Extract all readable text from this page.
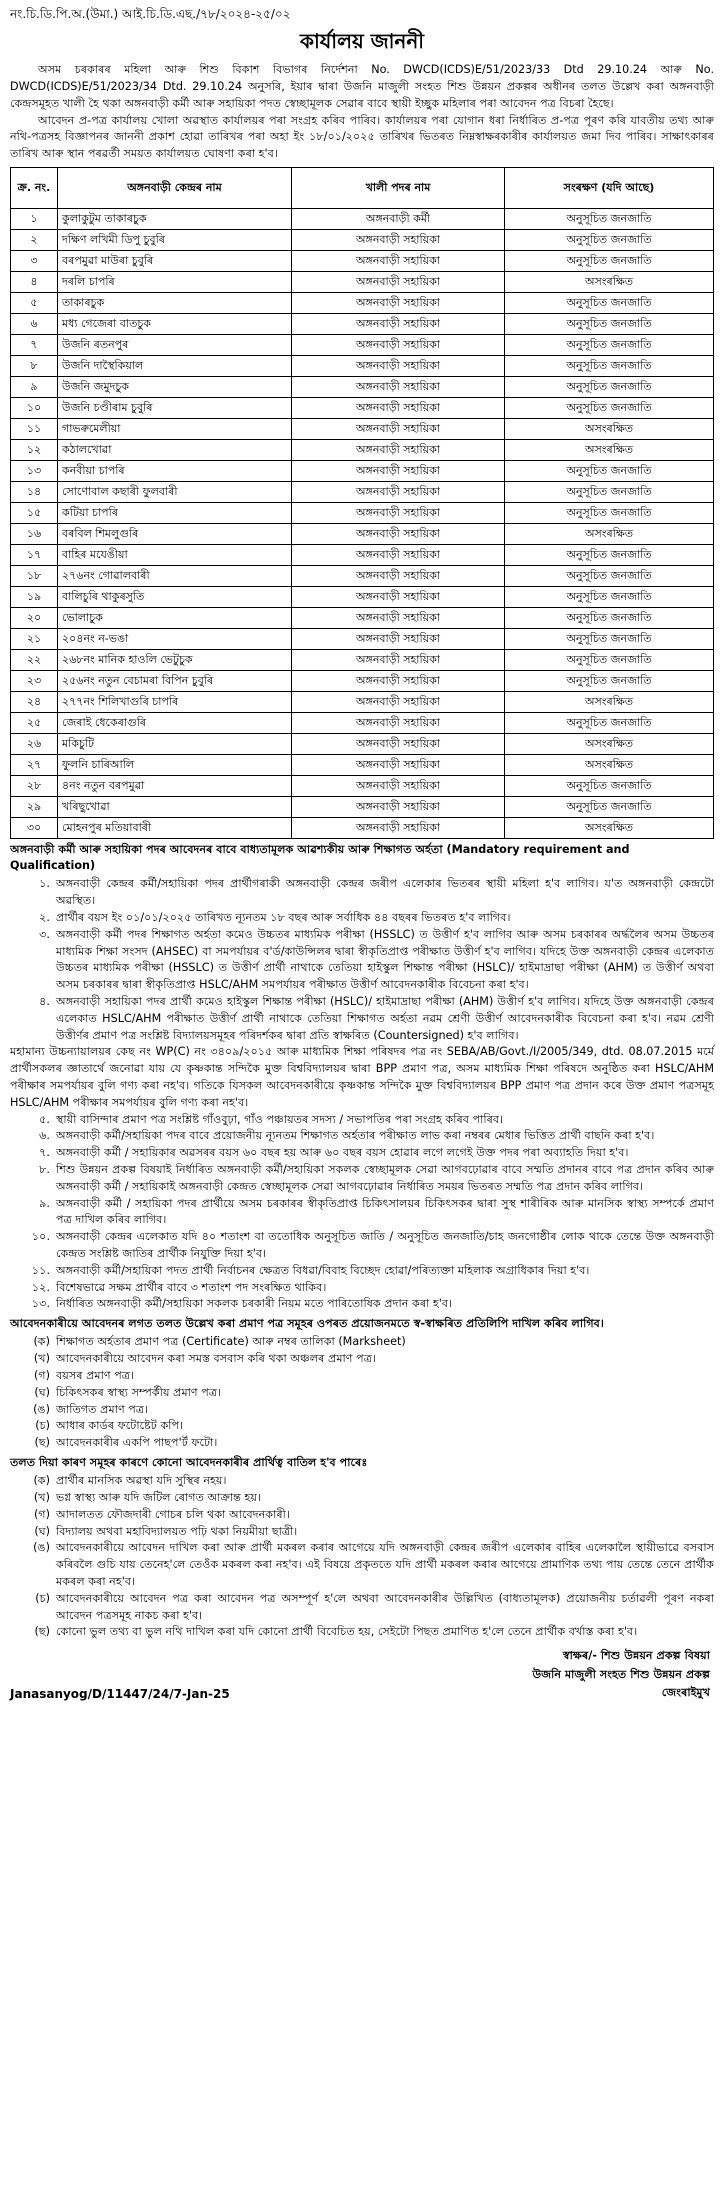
নং.চি.ডি.পি.অ.(উমা.) আই.চি.ডি.এছ./৭৮/২০২৪-২৫/০২
কাৰ্যালয় জাননী

অসম চৰকাৰৰ মহিলা আৰু শিশু বিকাশ বিভাগৰ নিৰ্দেশনা No. DWCD(ICDS)E/51/2023/33 Dtd 29.10.24 আৰু No. DWCD(ICDS)E/51/2023/34 Dtd. 29.10.24 অনুসৰি, ইয়াৰ দ্বাৰা উজনি মাজুলী সংহত শিশু উন্নয়ন প্ৰকল্পৰ অধীনৰ তলত উল্লেখ কৰা অঙ্গনবাড়ী কেন্দ্ৰসমূহত খালী হৈ থকা অঙ্গনবাড়ী কৰ্মী আৰু সহায়িকা পদত স্বেচ্ছামূলক সেৱাৰ বাবে স্থায়ী ইচ্ছুক মহিলাৰ পৰা আবেদন পত্ৰ বিচৰা হৈছে।

আবেদন প্ৰ-পত্ৰ কাৰ্যালয় খোলা অৱস্থাত কাৰ্যালয়ৰ পৰা সংগ্ৰহ কৰিব পাৰিব। কাৰ্যালয়ৰ পৰা যোগান ধৰা নিৰ্ধাৰিত প্ৰ-পত্ৰ পূৰণ কৰি যাবতীয় তথ্য আৰু নথি-পত্ৰসহ বিজ্ঞাপনৰ জাননী প্ৰকাশ হোৱা তাৰিখৰ পৰা অহা ইং ১৮/০১/২০২৫ তাৰিখৰ ভিতৰত নিম্নস্বাক্ষৰকাৰীৰ কাৰ্যালয়ত জমা দিব পাৰিব। সাক্ষাৎকাৰৰ তাৰিখ আৰু স্থান পৰৱৰ্তী সময়ত কাৰ্যালয়ত ঘোষণা কৰা হ'ব।

ক্ৰ. নং.	অঙ্গনবাড়ী কেন্দ্ৰৰ নাম	খালী পদৰ নাম	সংৰক্ষণ (যদি আছে)
১	কুলাকুটুম তাকাৰচুক	অঙ্গনবাড়ী কৰ্মী	অনুসূচিত জনজাতি
২	দক্ষিণ লখিমী ডিপু চুবুৰি	অঙ্গনবাড়ী সহায়িকা	অনুসূচিত জনজাতি
৩	বৰপমুৱা মাউৰা চুবুৰি	অঙ্গনবাড়ী সহায়িকা	অনুসূচিত জনজাতি
৪	দৰলি চাপৰি	অঙ্গনবাড়ী সহায়িকা	অসংৰক্ষিত
৫	তাকাৰচুক	অঙ্গনবাড়ী সহায়িকা	অনুসূচিত জনজাতি
৬	মধ্য গেজেৰা বাতচুক	অঙ্গনবাড়ী সহায়িকা	অনুসূচিত জনজাতি
৭	উজনি ৰতনপুৰ	অঙ্গনবাড়ী সহায়িকা	অনুসূচিত জনজাতি
৮	উজনি দাস্থৈকিয়াল	অঙ্গনবাড়ী সহায়িকা	অনুসূচিত জনজাতি
৯	উজনি জমুদচুক	অঙ্গনবাড়ী সহায়িকা	অনুসূচিত জনজাতি
১০	উজনি চণ্ডীৰাম চুবুৰি	অঙ্গনবাড়ী সহায়িকা	অনুসূচিত জনজাতি
১১	গাভৰুমেলীয়া	অঙ্গনবাড়ী সহায়িকা	অসংৰক্ষিত
১২	কঠালখোৱা	অঙ্গনবাড়ী সহায়িকা	অসংৰক্ষিত
১৩	কনবীয়া চাপৰি	অঙ্গনবাড়ী সহায়িকা	অনুসূচিত জনজাতি
১৪	সোণোবাল কছাৰী ফুলবাৰী	অঙ্গনবাড়ী সহায়িকা	অনুসূচিত জনজাতি
১৫	কটিয়া চাপৰি	অঙ্গনবাড়ী সহায়িকা	অনুসূচিত জনজাতি
১৬	বৰবিল শিমলুগুৰি	অঙ্গনবাড়ী সহায়িকা	অসংৰক্ষিত
১৭	বাহিৰ মযেঙীয়া	অঙ্গনবাড়ী সহায়িকা	অনুসূচিত জনজাতি
১৮	২৭৬নং গোৱালবাৰী	অঙ্গনবাড়ী সহায়িকা	অনুসূচিত জনজাতি
১৯	বালিচুৰি থাকুৰসুতি	অঙ্গনবাড়ী সহায়িকা	অনুসূচিত জনজাতি
২০	ভোলাচুক	অঙ্গনবাড়ী সহায়িকা	অনুসূচিত জনজাতি
২১	২০৪নং ন-ভঙা	অঙ্গনবাড়ী সহায়িকা	অনুসূচিত জনজাতি
২২	২৬৮নং মানিক হাওলি ভেটুচুক	অঙ্গনবাড়ী সহায়িকা	অনুসূচিত জনজাতি
২৩	২৫৬নং নতুন বেচামৰা বিপিন চুবুৰি	অঙ্গনবাড়ী সহায়িকা	অনুসূচিত জনজাতি
২৪	২৭৭নং শিলিখাগুৰি চাপৰি	অঙ্গনবাড়ী সহায়িকা	অসংৰক্ষিত
২৫	জেৰাই ধেকেৰাগুৰি	অঙ্গনবাড়ী সহায়িকা	অনুসূচিত জনজাতি
২৬	মকিচুটি	অঙ্গনবাড়ী সহায়িকা	অসংৰক্ষিত
২৭	ফুলনি চাৰিআলি	অঙ্গনবাড়ী সহায়িকা	অসংৰক্ষিত
২৮	৪নং নতুন বৰপমুৱা	অঙ্গনবাড়ী সহায়িকা	অনুসূচিত জনজাতি
২৯	খৰিছুখোৱা	অঙ্গনবাড়ী সহায়িকা	অনুসূচিত জনজাতি
৩০	মোহনপুৰ মতিয়াবাৰী	অঙ্গনবাড়ী সহায়িকা	অসংৰক্ষিত
অঙ্গনবাড়ী কৰ্মী আৰু সহায়িকা পদৰ আবেদনৰ বাবে বাধ্যতামূলক আৱশ্যকীয় আৰু শিক্ষাগত অৰ্হতা (Mandatory requirement and Qualification)
১. অঙ্গনবাড়ী কেন্দ্ৰৰ কৰ্মী/সহায়িকা পদৰ প্ৰাৰ্থীগৰাকী অঙ্গনবাড়ী কেন্দ্ৰৰ জৰীপ এলেকাৰ ভিতৰৰ স্থায়ী মহিলা হ'ব লাগিব। য'ত অঙ্গনবাড়ী কেন্দ্ৰটো অৱস্থিত।
২. প্ৰাৰ্থীৰ বয়স ইং ০১/০১/২০২৫ তাৰিখত ন্যূনতম ১৮ বছৰ আৰু সৰ্বাধিক ৪৪ বছৰৰ ভিতৰত হ'ব লাগিব।
৩. অঙ্গনবাড়ী কৰ্মী পদৰ শিক্ষাগত অৰ্হতা কমেও উচ্চতৰ মাধ্যমিক পৰীক্ষা (HSSLC) ত উত্তীৰ্ণ হ'ব লাগিব আৰু অসম চৰকাৰৰ অৰ্দ্ধলৈৰ অসম উচ্চতৰ মাধ্যমিক শিক্ষা সংসদ (AHSEC) বা সমপৰ্যায়ৰ ব'ৰ্ড/কাউন্সিলৰ দ্বাৰা স্বীকৃতিপ্ৰাপ্ত পৰীক্ষাত উত্তীৰ্ণ হ'ব লাগিব। যদিহে উক্ত অঙ্গনবাড়ী কেন্দ্ৰৰ এলেকাত উচ্চতৰ মাধ্যমিক পৰীক্ষা (HSSLC) ত উত্তীৰ্ণ প্ৰাৰ্থী নাথাকে তেতিয়া হাইস্কুল শিক্ষান্ত পৰীক্ষা (HSLC)/ হাইমাদ্ৰাছা পৰীক্ষা (AHM) ত উত্তীৰ্ণ অথবা অসম চৰকাৰৰ দ্বাৰা স্বীকৃতিপ্ৰাপ্ত HSLC/AHM সমপৰ্যায়ৰ পৰীক্ষাত উত্তীৰ্ণ আবেদনকাৰীক বিবেচনা কৰা হ'ব।
৪. অঙ্গনবাড়ী সহায়িকা পদৰ প্ৰাৰ্থী কমেও হাইস্কুল শিক্ষান্ত পৰীক্ষা (HSLC)/ হাইমাদ্ৰাছা পৰীক্ষা (AHM) উত্তীৰ্ণ হ'ব লাগিব। যদিহে উক্ত অঙ্গনবাড়ী কেন্দ্ৰৰ এলেকাত HSLC/AHM পৰীক্ষাত উত্তীৰ্ণ প্ৰাৰ্থী নাথাকে তেতিয়া শিক্ষাগত অৰ্হতা নৱম শ্ৰেণী উত্তীৰ্ণ আবেদনকাৰীক বিবেচনা কৰা হ'ব। নৱম শ্ৰেণী উত্তীৰ্ণৰ প্ৰমাণ পত্ৰ সংশ্লিষ্ট বিদ্যালয়সমূহৰ পৰিদৰ্শকৰ দ্বাৰা প্ৰতি স্বাক্ষৰিত (Countersigned) হ'ব লাগিব।

মহামান্য উচ্চন্যায়ালয়ৰ কেছ নং WP(C) নং ৩৪০৯/২০১৫ আৰু মাধ্যমিক শিক্ষা পৰিষদৰ পত্ৰ নং SEBA/AB/Govt./I/2005/349, dtd. 08.07.2015 মৰ্মে প্ৰাৰ্থীসকলৰ জ্ঞাতাৰ্থে জনোৱা যায় যে কৃষ্ণকান্ত সন্দিকৈ মুক্ত বিশ্ববিদ্যালয়ৰ দ্বাৰা BPP প্ৰমাণ পত্ৰ, অসম মাধ্যমিক শিক্ষা পৰিষদে অনুষ্ঠিত কৰা HSLC/AHM পৰীক্ষাৰ সমপৰ্যায়ৰ বুলি গণ্য কৰা নহ'ব। গতিকে যিসকল আবেদনকাৰীয়ে কৃষ্ণকান্ত সন্দিকৈ মুক্ত বিশ্ববিদ্যালয়ৰ BPP প্ৰমাণ পত্ৰ প্ৰদান কৰে উক্ত প্ৰমাণ পত্ৰসমূহ HSLC/AHM পৰীক্ষাৰ সমপৰ্যায়ৰ বুলি গণ্য কৰা নহ'ব।

৫. স্থায়ী বাসিন্দাৰ প্ৰমাণ পত্ৰ সংশ্লিষ্ট গাঁওবুঢ়া, গাঁও পঞ্চায়তৰ সদস্য / সভাপতিৰ পৰা সংগ্ৰহ কৰিব পাৰিব।
৬. অঙ্গনবাড়ী কৰ্মী/সহায়িকা পদৰ বাবে প্ৰয়োজনীয় ন্যূনতম শিক্ষাগত অৰ্হতাৰ পৰীক্ষাত লাভ কৰা নম্বৰৰ মেধাৰ ভিত্তিত প্ৰাৰ্থী বাছনি কৰা হ'ব।
৭. অঙ্গনবাড়ী কৰ্মী / সহায়িকাৰ অৱসৰৰ বয়স ৬০ বছৰ হয় আৰু ৬০ বছৰ বয়স হোৱাৰ লগে লগেই উক্ত পদৰ পৰা অব্যাহতি দিয়া হ'ব।
৮. শিশু উন্নয়ন প্ৰকল্প বিষয়াই নিৰ্ধাৰিত অঙ্গনবাড়ী কৰ্মী/সহায়িকা সকলক স্বেচ্ছামূলক সেৱা আগবঢ়োৱাৰ বাবে সম্মতি প্ৰদানৰ বাবে পত্ৰ প্ৰদান কৰিব আৰু অঙ্গনবাড়ী কৰ্মী / সহায়িকাই অঙ্গনবাড়ী কেন্দ্ৰত স্বেচ্ছামূলক সেৱা আগবঢ়োৱাৰ নিৰ্ধাৰিত সময়ৰ ভিতৰত সম্মতি পত্ৰ প্ৰদান কৰিব লাগিব।
৯. অঙ্গনবাড়ী কৰ্মী / সহায়িকা পদৰ প্ৰাৰ্থীয়ে অসম চৰকাৰৰ স্বীকৃতিপ্ৰাপ্ত চিকিৎসালয়ৰ চিকিৎসকৰ দ্বাৰা সুস্থ শাৰীৰিক আৰু মানসিক স্বাস্থ্য সম্পৰ্কে প্ৰমাণ পত্ৰ দাখিল কৰিব লাগিব।
১০. অঙ্গনবাড়ী কেন্দ্ৰৰ এলেকাত যদি ৪০ শতাংশ বা ততোধিক অনুসূচিত জাতি / অনুসূচিত জনজাতি/চাহ জনগোষ্ঠীৰ লোক থাকে তেন্তে উক্ত অঙ্গনবাড়ী কেন্দ্ৰত সংশ্লিষ্ট জাতিৰ প্ৰাৰ্থীক নিযুক্তি দিয়া হ'ব।
১১. অঙ্গনবাড়ী কৰ্মী/সহায়িকা পদত প্ৰাৰ্থী নিৰ্বাচনৰ ক্ষেত্ৰত বিধৱা/বিবাহ বিচ্ছেদ হোৱা/পৰিত্যক্তা মহিলাক অগ্ৰাধিকাৰ দিয়া হ'ব।
১২. বিশেষভাৱে সক্ষম প্ৰাৰ্থীৰ বাবে ৩ শতাংশ পদ সংৰক্ষিত থাকিব।
১৩. নিৰ্ধাৰিত অঙ্গনবাড়ী কৰ্মী/সহায়িকা সকলক চৰকাৰী নিয়ম মতে পাৰিতোষিক প্ৰদান কৰা হ'ব।
আবেদনকাৰীয়ে আবেদনৰ লগত তলত উল্লেখ কৰা প্ৰমাণ পত্ৰ সমূহৰ ওপৰত প্ৰয়োজনমতে স্ব-স্বাক্ষৰিত প্ৰতিলিপি দাখিল কৰিব লাগিব।
(ক) শিক্ষাগত অৰ্হতাৰ প্ৰমাণ পত্ৰ (Certificate) আৰু নম্বৰ তালিকা (Marksheet)
(খ) আবেদনকাৰীয়ে আবেদন কৰা সমস্ত বসবাস কৰি থকা অঞ্চলৰ প্ৰমাণ পত্ৰ।
(গ) বয়সৰ প্ৰমাণ পত্ৰ।
(ঘ) চিকিৎসকৰ স্বাস্থ্য সম্পৰ্কীয় প্ৰমাণ পত্ৰ।
(ঙ) জাতিগত প্ৰমাণ পত্ৰ।
(চ) আধাৰ কাৰ্ডৰ ফটোষ্টেট কপি।
(ছ) আবেদনকাৰীৰ একপি পাছপ'ৰ্ট ফটো।
তলত দিয়া কাৰণ সমূহৰ কাৰণে কোনো আবেদনকাৰীৰ প্ৰাৰ্থিত্ব বাতিল হ'ব পাৰেঃ
(ক) প্ৰাৰ্থীৰ মানসিক অৱস্থা যদি সুস্থিৰ নহয়।
(খ) ভগ্ন স্বাস্থ্য আৰু যদি জটিল ৰোগত আক্ৰান্ত হয়।
(গ) আদালতত ফৌজদাৰী গোচৰ চলি থকা আবেদনকাৰী।
(ঘ) বিদ্যালয় অথবা মহাবিদ্যালয়ত পঢ়ি থকা নিয়মীয়া ছাত্ৰী।
(ঙ) আবেদনকাৰীয়ে আবেদন দাখিল কৰা আৰু প্ৰাৰ্থী মকৰল কৰাৰ আগেয়ে যদি অঙ্গনবাড়ী কেন্দ্ৰৰ জৰীপ এলেকাৰ বাহিৰ এলেকালৈ স্থায়ীভাৱে বসবাস কৰিবলৈ গুচি যায় তেনেহ'লে তেওঁক মকৰল কৰা নহ'ব। এই বিষয়ে প্ৰকৃততে যদি প্ৰাৰ্থী মকৰল কৰাৰ আগেয়ে প্ৰামাণিক তথ্য পায় তেন্তে তেনে প্ৰাৰ্থীক মকৰল কৰা নহ'ব।
(চ) আবেদনকাৰীয়ে আবেদন পত্ৰ কৰা আবেদন পত্ৰ অসম্পূৰ্ণ হ'লে অথবা আবেদনকাৰীৰ উল্লিখিত (বাধ্যতামূলক) প্ৰয়োজনীয় চৰ্তাৱলী পূৰণ নকৰা আবেদন পত্ৰসমূহ নাকচ কৰা হ'ব।
(ছ) কোনো ভুল তথ্য বা ভুল নথি দাখিল কৰা যদি কোনো প্ৰাৰ্থী বিবেচিত হয়, সেইটো পিছত প্ৰমাণিত হ'লে তেনে প্ৰাৰ্থীক বৰ্খাস্ত কৰা হ'ব।
Janasanyog/D/11447/24/7-Jan-25
স্বাক্ষৰ/- শিশু উন্নয়ন প্ৰকল্প বিষয়া
উজনি মাজুলী সংহত শিশু উন্নয়ন প্ৰকল্প
জেংৰাইমুখ
